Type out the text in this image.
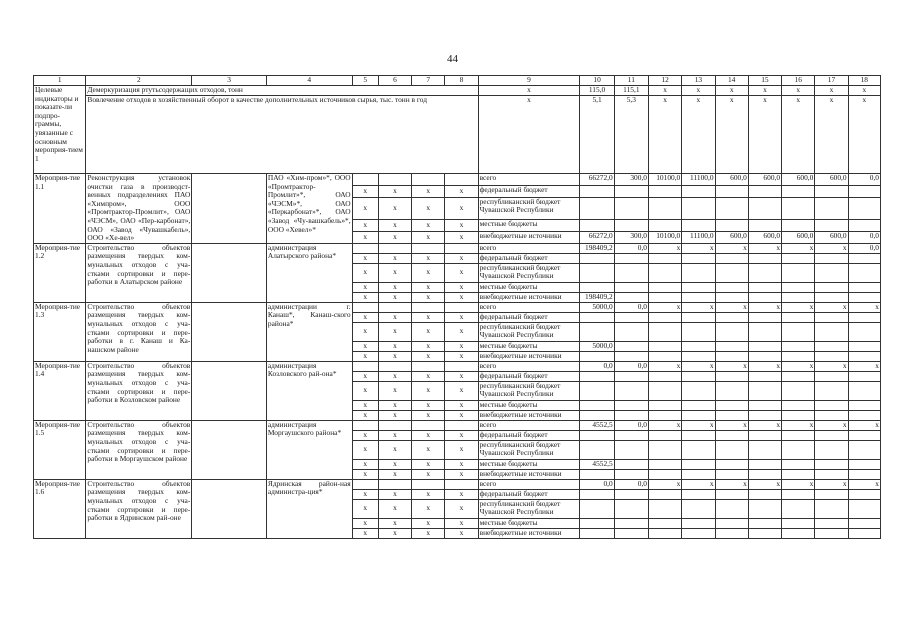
44
1	2	3	4	5	6	7	8	9	10	11	12	13	14	15	16	17	18
Целевые индикаторы и показате-ли подпро-граммы, увязанные с основным мероприя-тием 1	Демеркуризация ртутьсодержащих отходов, тонн							x	115,0	115,1	x	x	x	x	x	x	x
	Вовлечение отходов в хозяйственный оборот в качестве дополнительных источников сырья, тыс. тонн в год							x	5,1	5,3	x	x	x	x	x	x	x
Мероприя-тие 1.1	Реконструкция установок очистки газа в производст-венных подразделениях ПАО «Химпром», ООО «Промтрактор-Промлит», ОАО «ЧЭСМ», ОАО «Пер-карбонат», ОАО «Завод «Чувашкабель», ООО «Хе-вел»		ПАО «Хим-пром»*, ООО «Промтрактор-Промлит»*, ОАО «ЧЭСМ»*, ОАО «Перкарбонат»*, ОАО «Завод «Чу-вашкабель»*, ООО «Хевел»*					всего	66272,0	300,0	10100,0	11100,0	600,0	600,0	600,0	600,0	0,0
				x	x	x	x	федеральный бюджет									
				x	x	x	x	республиканский бюджет Чувашской Республики									
				x	x	x	x	местные бюджеты									
				x	x	x	x	внебюджетные источники	66272,0	300,0	10100,0	11100,0	600,0	600,0	600,0	600,0	0,0
Мероприя-тие 1.2	Строительство объектов размещения твердых ком-мунальных отходов с уча-стками сортировки и пере-работки в Алатырском районе		администрация Алатырского района*					всего	198409,2	0,0	x	x	x	x	x	x	0,0
				x	x	x	x	федеральный бюджет									
				x	x	x	x	республиканский бюджет Чувашской Республики									
				x	x	x	x	местные бюджеты									
				x	x	x	x	внебюджетные источники	198409,2								
Мероприя-тие 1.3	Строительство объектов размещения твердых ком-мунальных отходов с уча-стками сортировки и пере-работки в г. Канаш и Ка-нашском районе		администрации г. Канаш*, Канаш-ского района*					всего	5000,0	0,0	x	x	x	x	x	x	x
				x	x	x	x	федеральный бюджет									
				x	x	x	x	республиканский бюджет Чувашской Республики									
				x	x	x	x	местные бюджеты	5000,0								
				x	x	x	x	внебюджетные источники									
Мероприя-тие 1.4	Строительство объектов размещения твердых ком-мунальных отходов с уча-стками сортировки и пере-работки в Козловском районе		администрация Козловского рай-она*					всего	0,0	0,0	x	x	x	x	x	x	x
				x	x	x	x	федеральный бюджет									
				x	x	x	x	республиканский бюджет Чувашской Республики									
				x	x	x	x	местные бюджеты									
				x	x	x	x	внебюджетные источники									
Мероприя-тие 1.5	Строительство объектов размещения твердых ком-мунальных отходов с уча-стками сортировки и пере-работки в Моргаушском районе		администрация Моргаушского района*					всего	4552,5	0,0	x	x	x	x	x	x	x
				x	x	x	x	федеральный бюджет									
				x	x	x	x	республиканский бюджет Чувашской Республики									
				x	x	x	x	местные бюджеты	4552,5								
				x	x	x	x	внебюджетные источники									
Мероприя-тие 1.6	Строительство объектов размещения твердых ком-мунальных отходов с уча-стками сортировки и пере-работки в Ядринском рай-оне		Ядринская район-ная администра-ция*					всего	0,0	0,0	x	x	x	x	x	x	x
				x	x	x	x	федеральный бюджет									
				x	x	x	x	республиканский бюджет Чувашской Республики									
				x	x	x	x	местные бюджеты									
				x	x	x	x	внебюджетные источники									
